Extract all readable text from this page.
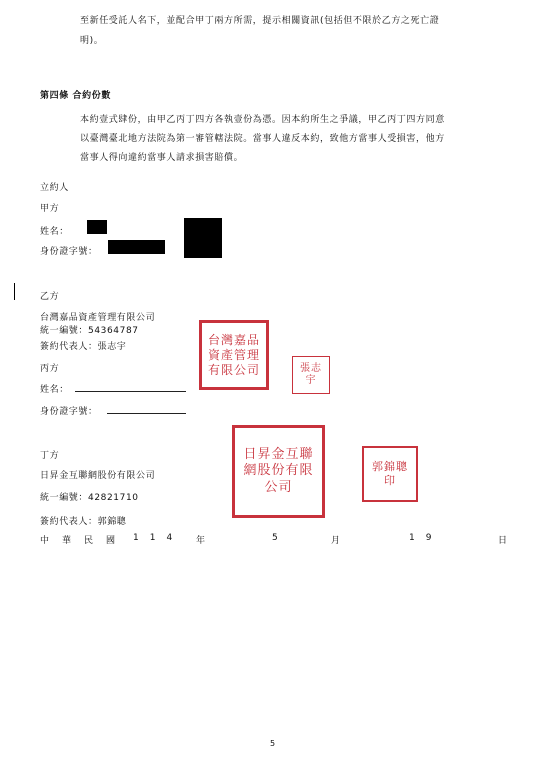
至新任受託人名下，並配合甲丁兩方所需，提示相關資訊(包括但不限於乙方之死亡證
明)。
第四條 合約份數
本約壹式肆份，由甲乙丙丁四方各執壹份為憑。因本約所生之爭議，甲乙丙丁四方同意
以臺灣臺北地方法院為第一審管轄法院。當事人違反本約，致他方當事人受損害，他方
當事人得向違約當事人請求損害賠償。
立約人
甲方
姓名：
身份證字號：
乙方
台灣嘉品資產管理有限公司
統一編號：54364787
簽約代表人：張志宇
台灣嘉品資產管理有限公司	張志宇
丙方
姓名：
身份證字號：
丁方
日昇金互聯網股份有限公司
統一編號：42821710
簽約代表人：郭錦聰
日昇金互聯網股份有限公司
郭錦聰印
中 華 民 國 114 年	5	月	19	日
5
